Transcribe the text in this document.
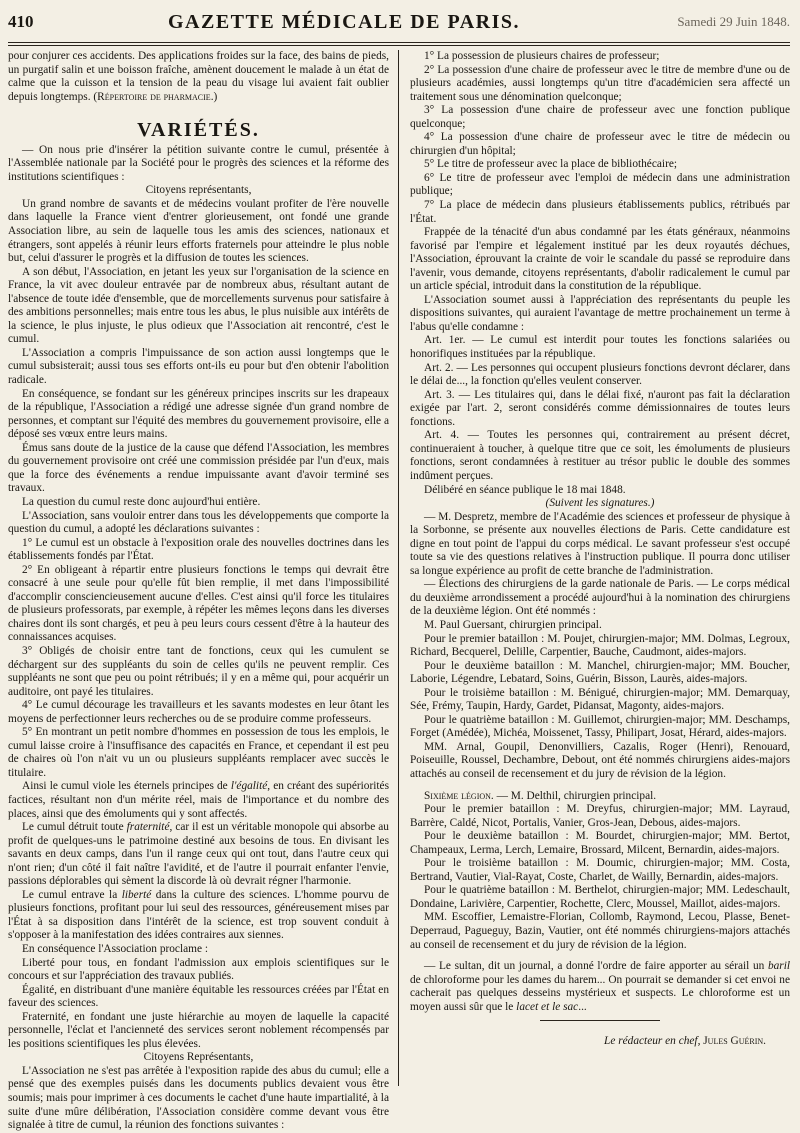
410	GAZETTE MÉDICALE DE PARIS.	Samedi 29 Juin 1848.

pour conjurer ces accidents. Des applications froides sur la face, des bains de pieds, un purgatif salin et une boisson fraîche, amènent doucement le malade à un état de calme que la cuisson et la tension de la peau du visage lui avaient fait oublier depuis longtemps. (Répertoire de pharmacie.)

VARIÉTÉS.

— On nous prie d'insérer la pétition suivante contre le cumul, présentée à l'Assemblée nationale par la Société pour le progrès des sciences et la réforme des institutions scientifiques :

Citoyens représentants,

Un grand nombre de savants et de médecins voulant profiter de l'ère nouvelle dans laquelle la France vient d'entrer glorieusement, ont fondé une grande Association libre, au sein de laquelle tous les amis des sciences, nationaux et étrangers, sont appelés à réunir leurs efforts fraternels pour atteindre le plus noble but, celui d'assurer le progrès et la diffusion de toutes les sciences.

A son début, l'Association, en jetant les yeux sur l'organisation de la science en France, la vit avec douleur entravée par de nombreux abus, résultant autant de l'absence de toute idée d'ensemble, que de morcellements survenus pour satisfaire à des ambitions personnelles; mais entre tous les abus, le plus nuisible aux intérêts de la science, le plus injuste, le plus odieux que l'Association ait rencontré, c'est le cumul.

L'Association a compris l'impuissance de son action aussi longtemps que le cumul subsisterait; aussi tous ses efforts ont-ils eu pour but d'en obtenir l'abolition radicale.

En conséquence, se fondant sur les généreux principes inscrits sur les drapeaux de la république, l'Association a rédigé une adresse signée d'un grand nombre de personnes, et comptant sur l'équité des membres du gouvernement provisoire, elle a déposé ses vœux entre leurs mains.

Émus sans doute de la justice de la cause que défend l'Association, les membres du gouvernement provisoire ont créé une commission présidée par l'un d'eux, mais que la force des événements a rendue impuissante avant d'avoir terminé ses travaux.

La question du cumul reste donc aujourd'hui entière.

L'Association, sans vouloir entrer dans tous les développements que comporte la question du cumul, a adopté les déclarations suivantes :

1° Le cumul est un obstacle à l'exposition orale des nouvelles doctrines dans les établissements fondés par l'État.

2° En obligeant à répartir entre plusieurs fonctions le temps qui devrait être consacré à une seule pour qu'elle fût bien remplie, il met dans l'impossibilité d'accomplir consciencieusement aucune d'elles. C'est ainsi qu'il force les titulaires de plusieurs professorats, par exemple, à répéter les mêmes leçons dans les diverses chaires dont ils sont chargés, et peu à peu leurs cours cessent d'être à la hauteur des connaissances acquises.

3° Obligés de choisir entre tant de fonctions, ceux qui les cumulent se déchargent sur des suppléants du soin de celles qu'ils ne peuvent remplir. Ces suppléants ne sont que peu ou point rétribués; il y en a même qui, pour acquérir un auditoire, ont payé les titulaires.

4° Le cumul décourage les travailleurs et les savants modestes en leur ôtant les moyens de perfectionner leurs recherches ou de se produire comme professeurs.

5° En montrant un petit nombre d'hommes en possession de tous les emplois, le cumul laisse croire à l'insuffisance des capacités en France, et cependant il est peu de chaires où l'on n'ait vu un ou plusieurs suppléants remplacer avec succès le titulaire.

Ainsi le cumul viole les éternels principes de l'égalité, en créant des supériorités factices, résultant non d'un mérite réel, mais de l'importance et du nombre des places, ainsi que des émoluments qui y sont affectés.

Le cumul détruit toute fraternité, car il est un véritable monopole qui absorbe au profit de quelques-uns le patrimoine destiné aux besoins de tous. En divisant les savants en deux camps, dans l'un il range ceux qui ont tout, dans l'autre ceux qui n'ont rien; d'un côté il fait naître l'avidité, et de l'autre il pourrait enfanter l'envie, passions déplorables qui sèment la discorde là où devrait régner l'harmonie.

Le cumul entrave la liberté dans la culture des sciences. L'homme pourvu de plusieurs fonctions, profitant pour lui seul des ressources, généreusement mises par l'État à sa disposition dans l'intérêt de la science, est trop souvent conduit à s'opposer à la manifestation des idées contraires aux siennes.

En conséquence l'Association proclame :

Liberté pour tous, en fondant l'admission aux emplois scientifiques sur le concours et sur l'appréciation des travaux publiés.

Égalité, en distribuant d'une manière équitable les ressources créées par l'État en faveur des sciences.

Fraternité, en fondant une juste hiérarchie au moyen de laquelle la capacité personnelle, l'éclat et l'ancienneté des services seront noblement récompensés par les positions scientifiques les plus élevées.

Citoyens Représentants,

L'Association ne s'est pas arrêtée à l'exposition rapide des abus du cumul; elle a pensé que des exemples puisés dans les documents publics devaient vous être soumis; mais pour imprimer à ces documents le cachet d'une haute impartialité, à la suite d'une mûre délibération, l'Association considère comme devant vous être signalée à titre de cumul, la réunion des fonctions suivantes :

1° La possession de plusieurs chaires de professeur;

2° La possession d'une chaire de professeur avec le titre de membre d'une ou de plusieurs académies, aussi longtemps qu'un titre d'académicien sera affecté un traitement sous une dénomination quelconque;

3° La possession d'une chaire de professeur avec une fonction publique quelconque;

4° La possession d'une chaire de professeur avec le titre de médecin ou chirurgien d'un hôpital;

5° Le titre de professeur avec la place de bibliothécaire;

6° Le titre de professeur avec l'emploi de médecin dans une administration publique;

7° La place de médecin dans plusieurs établissements publics, rétribués par l'État.

Frappée de la ténacité d'un abus condamné par les états généraux, néanmoins favorisé par l'empire et légalement institué par les deux royautés déchues, l'Association, éprouvant la crainte de voir le scandale du passé se reproduire dans l'avenir, vous demande, citoyens représentants, d'abolir radicalement le cumul par un article spécial, introduit dans la constitution de la république.

L'Association soumet aussi à l'appréciation des représentants du peuple les dispositions suivantes, qui auraient l'avantage de mettre prochainement un terme à l'abus qu'elle condamne :

Art. 1er. — Le cumul est interdit pour toutes les fonctions salariées ou honorifiques instituées par la république.

Art. 2. — Les personnes qui occupent plusieurs fonctions devront déclarer, dans le délai de..., la fonction qu'elles veulent conserver.

Art. 3. — Les titulaires qui, dans le délai fixé, n'auront pas fait la déclaration exigée par l'art. 2, seront considérés comme démissionnaires de toutes leurs fonctions.

Art. 4. — Toutes les personnes qui, contrairement au présent décret, continueraient à toucher, à quelque titre que ce soit, les émoluments de plusieurs fonctions, seront condamnées à restituer au trésor public le double des sommes indûment perçues.

Délibéré en séance publique le 18 mai 1848.

(Suivent les signatures.)

— M. Despretz, membre de l'Académie des sciences et professeur de physique à la Sorbonne, se présente aux nouvelles élections de Paris. Cette candidature est digne en tout point de l'appui du corps médical. Le savant professeur s'est occupé toute sa vie des questions relatives à l'instruction publique. Il pourra donc utiliser sa longue expérience au profit de cette branche de l'administration.

— Élections des chirurgiens de la garde nationale de Paris. — Le corps médical du deuxième arrondissement a procédé aujourd'hui à la nomination des chirurgiens de la deuxième légion. Ont été nommés :

M. Paul Guersant, chirurgien principal.

Pour le premier bataillon : M. Poujet, chirurgien-major; MM. Dolmas, Legroux, Richard, Becquerel, Delille, Carpentier, Bauche, Caudmont, aides-majors.

Pour le deuxième bataillon : M. Manchel, chirurgien-major; MM. Boucher, Laborie, Légendre, Lebatard, Soins, Guérin, Bisson, Laurès, aides-majors.

Pour le troisième bataillon : M. Bénigué, chirurgien-major; MM. Demarquay, Sée, Frémy, Taupin, Hardy, Gardet, Pidansat, Magonty, aides-majors.

Pour le quatrième bataillon : M. Guillemot, chirurgien-major; MM. Deschamps, Forget (Amédée), Michéa, Moissenet, Tassy, Philipart, Josat, Hérard, aides-majors.

MM. Arnal, Goupil, Denonvilliers, Cazalis, Roger (Henri), Renouard, Poiseuille, Roussel, Dechambre, Debout, ont été nommés chirurgiens aides-majors attachés au conseil de recensement et du jury de révision de la légion.

Sixième légion. — M. Delthil, chirurgien principal.

Pour le premier bataillon : M. Dreyfus, chirurgien-major; MM. Layraud, Barrère, Caldé, Nicot, Portalis, Vanier, Gros-Jean, Debous, aides-majors.

Pour le deuxième bataillon : M. Bourdet, chirurgien-major; MM. Bertot, Champeaux, Lerma, Lerch, Lemaire, Brossard, Milcent, Bernardin, aides-majors.

Pour le troisième bataillon : M. Doumic, chirurgien-major; MM. Costa, Bertrand, Vautier, Vial-Rayat, Coste, Charlet, de Wailly, Bernardin, aides-majors.

Pour le quatrième bataillon : M. Berthelot, chirurgien-major; MM. Ledeschault, Dondaine, Larivière, Carpentier, Rochette, Clerc, Moussel, Maillot, aides-majors.

MM. Escoffier, Lemaistre-Florian, Collomb, Raymond, Lecou, Plasse, Benet-Deperraud, Pagueguy, Bazin, Vautier, ont été nommés chirurgiens-majors attachés au conseil de recensement et du jury de révision de la légion.

— Le sultan, dit un journal, a donné l'ordre de faire apporter au sérail un baril de chloroforme pour les dames du harem... On pourrait se demander si cet envoi ne cacherait pas quelques desseins mystérieux et suspects. Le chloroforme est un moyen aussi sûr que le lacet et le sac...

Le rédacteur en chef, Jules Guérin.
